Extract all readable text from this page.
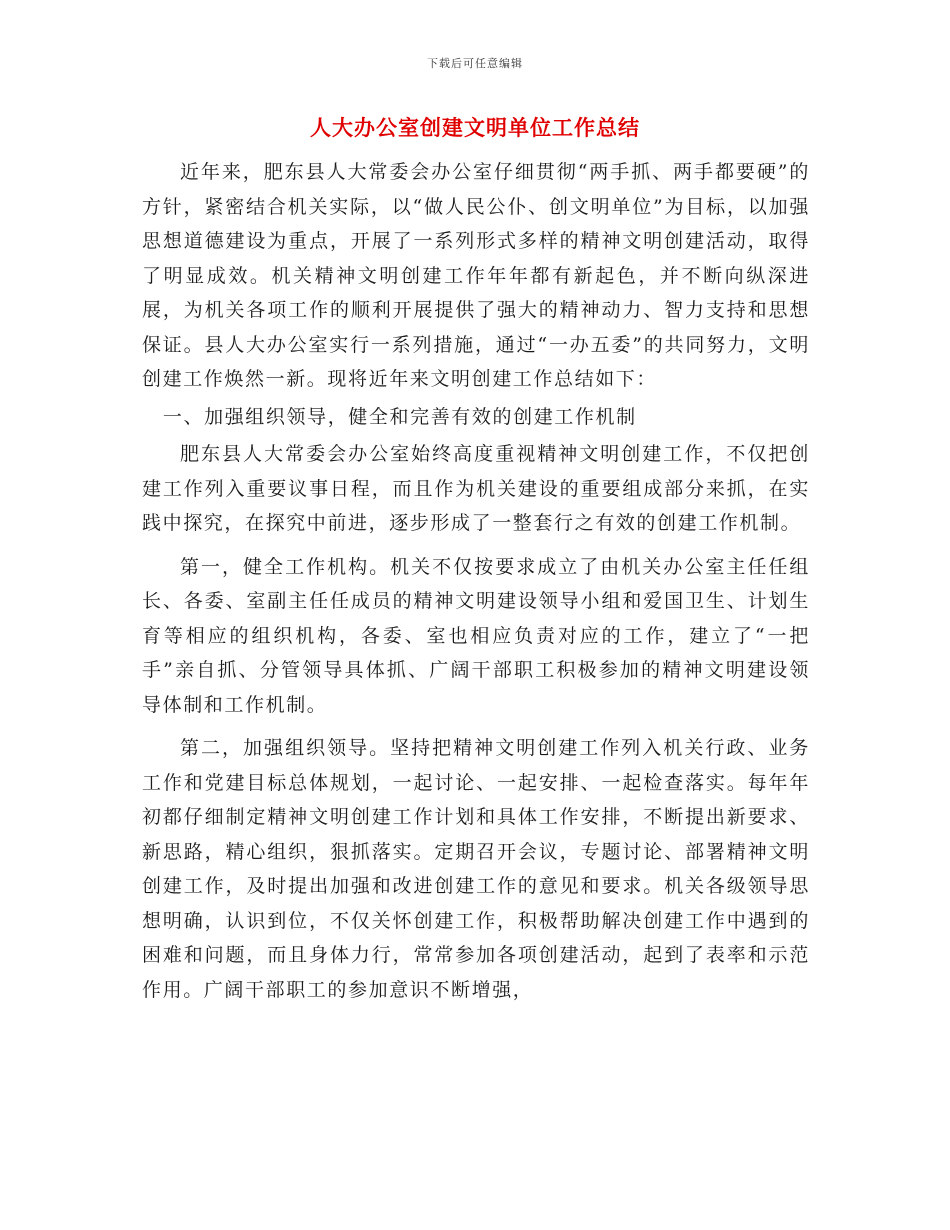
下载后可任意编辑
人大办公室创建文明单位工作总结

近年来，肥东县人大常委会办公室仔细贯彻“两手抓、两手都要硬”的方针，紧密结合机关实际，以“做人民公仆、创文明单位”为目标，以加强思想道德建设为重点，开展了一系列形式多样的精神文明创建活动，取得了明显成效。机关精神文明创建工作年年都有新起色，并不断向纵深进展，为机关各项工作的顺利开展提供了强大的精神动力、智力支持和思想保证。县人大办公室实行一系列措施，通过“一办五委”的共同努力，文明创建工作焕然一新。现将近年来文明创建工作总结如下：

一、加强组织领导，健全和完善有效的创建工作机制

肥东县人大常委会办公室始终高度重视精神文明创建工作，不仅把创建工作列入重要议事日程，而且作为机关建设的重要组成部分来抓，在实践中探究，在探究中前进，逐步形成了一整套行之有效的创建工作机制。

第一，健全工作机构。机关不仅按要求成立了由机关办公室主任任组长、各委、室副主任任成员的精神文明建设领导小组和爱国卫生、计划生育等相应的组织机构，各委、室也相应负责对应的工作，建立了“一把手”亲自抓、分管领导具体抓、广阔干部职工积极参加的精神文明建设领导体制和工作机制。

第二，加强组织领导。坚持把精神文明创建工作列入机关行政、业务工作和党建目标总体规划，一起讨论、一起安排、一起检查落实。每年年初都仔细制定精神文明创建工作计划和具体工作安排，不断提出新要求、新思路，精心组织，狠抓落实。定期召开会议，专题讨论、部署精神文明创建工作，及时提出加强和改进创建工作的意见和要求。机关各级领导思想明确，认识到位，不仅关怀创建工作，积极帮助解决创建工作中遇到的困难和问题，而且身体力行，常常参加各项创建活动，起到了表率和示范作用。广阔干部职工的参加意识不断增强，
